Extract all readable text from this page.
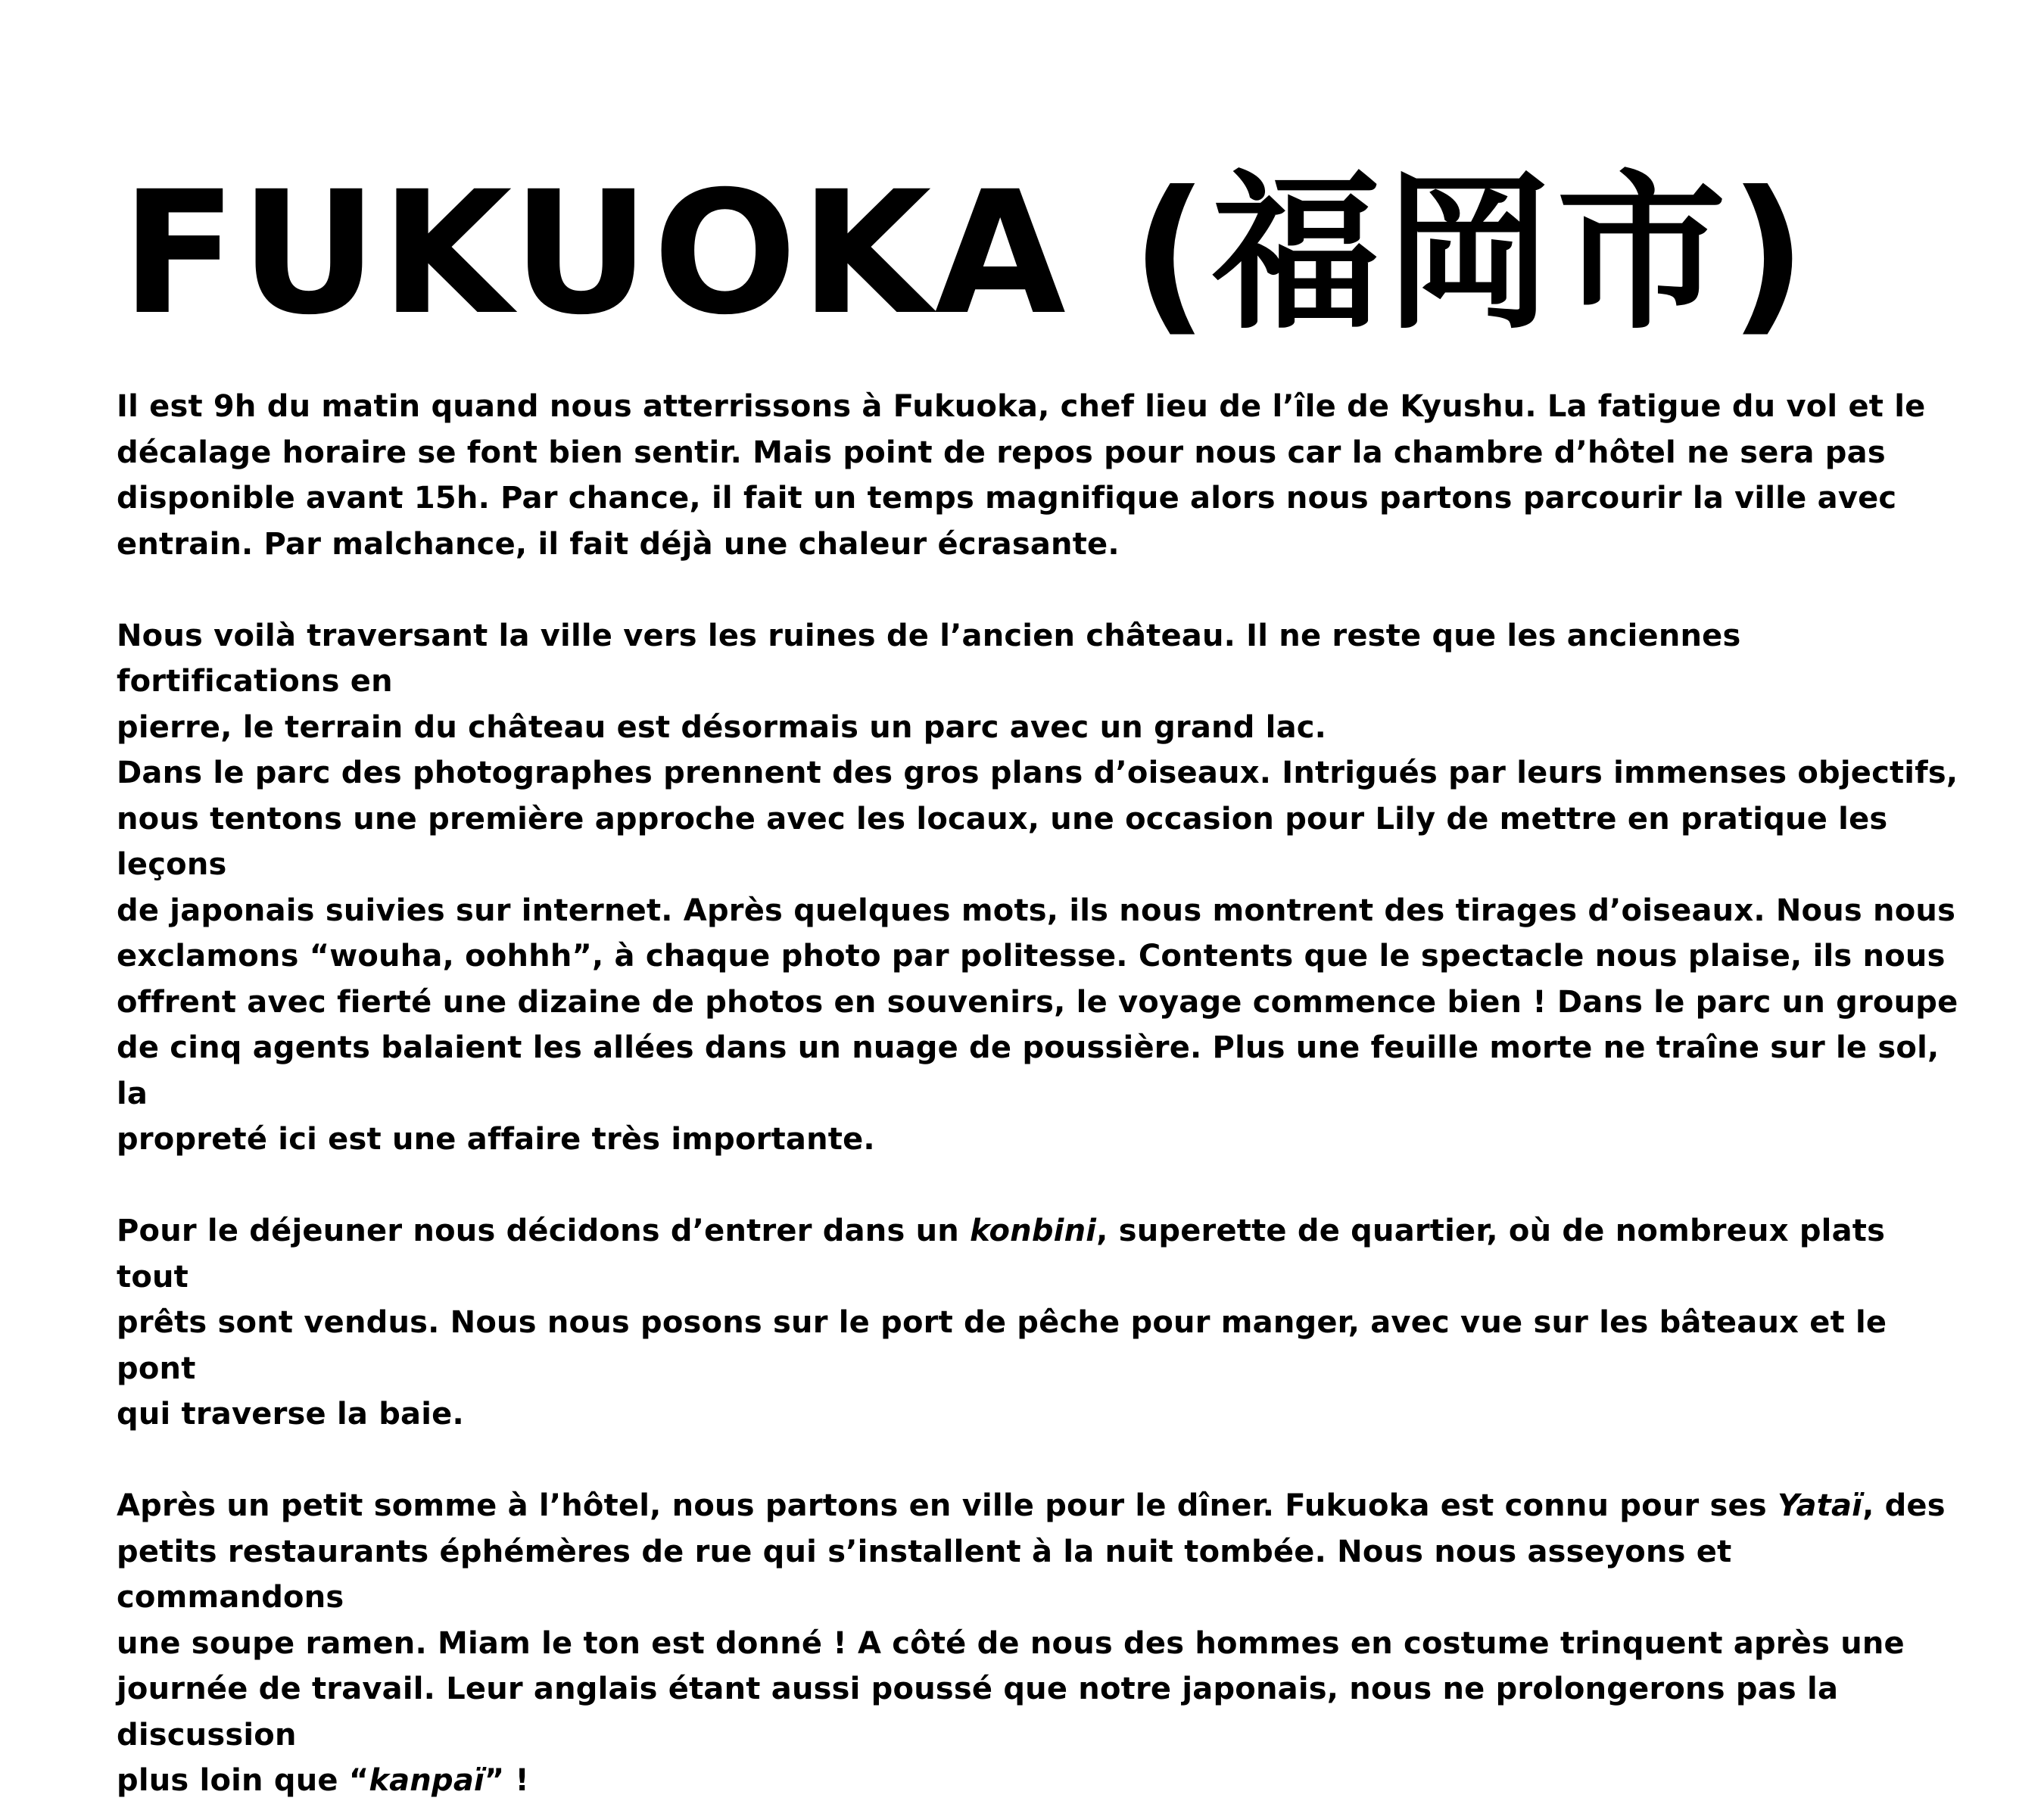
FUKUOKA (福岡市)

Il est 9h du matin quand nous atterrissons à Fukuoka, chef lieu de l’île de Kyushu. La fatigue du vol et le
décalage horaire se font bien sentir. Mais point de repos pour nous car la chambre d’hôtel ne sera pas
disponible avant 15h. Par chance, il fait un temps magnifique alors nous partons parcourir la ville avec
entrain. Par malchance, il fait déjà une chaleur écrasante.

Nous voilà traversant la ville vers les ruines de l’ancien château. Il ne reste que les anciennes fortifications en
pierre, le terrain du château est désormais un parc avec un grand lac.

Dans le parc des photographes prennent des gros plans d’oiseaux. Intrigués par leurs immenses objectifs,
nous tentons une première approche avec les locaux, une occasion pour Lily de mettre en pratique les leçons
de japonais suivies sur internet. Après quelques mots, ils nous montrent des tirages d’oiseaux. Nous nous
exclamons “wouha, oohhh”, à chaque photo par politesse. Contents que le spectacle nous plaise, ils nous
offrent avec fierté une dizaine de photos en souvenirs, le voyage commence bien ! Dans le parc un groupe
de cinq agents balaient les allées dans un nuage de poussière. Plus une feuille morte ne traîne sur le sol, la
propreté ici est une affaire très importante.

Pour le déjeuner nous décidons d’entrer dans un konbini, superette de quartier, où de nombreux plats tout
prêts sont vendus. Nous nous posons sur le port de pêche pour manger, avec vue sur les bâteaux et le pont
qui traverse la baie.

Après un petit somme à l’hôtel, nous partons en ville pour le dîner. Fukuoka est connu pour ses Yataï, des
petits restaurants éphémères de rue qui s’installent à la nuit tombée. Nous nous asseyons et commandons
une soupe ramen. Miam le ton est donné ! A côté de nous des hommes en costume trinquent après une
journée de travail. Leur anglais étant aussi poussé que notre japonais, nous ne prolongerons pas la discussion
plus loin que “kanpaï” !
